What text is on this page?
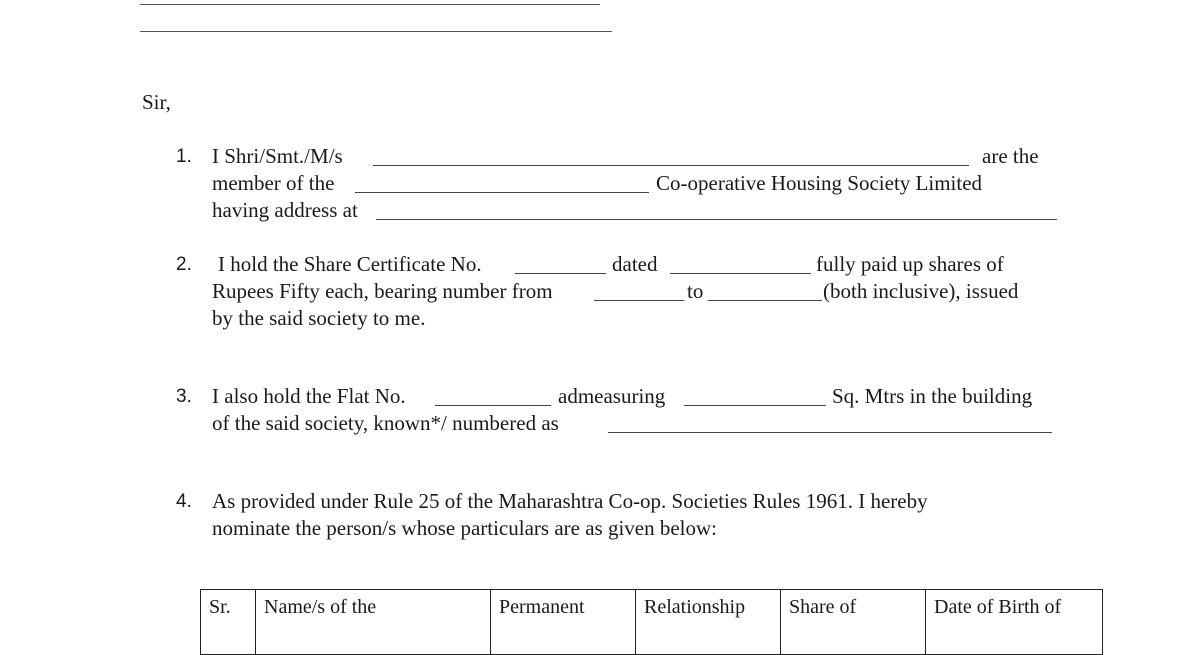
Sir,
1. I Shri/Smt./M/s	are the
member of the	Co-operative Housing Society Limited
having address at
2. I hold the Share Certificate No.	dated	fully paid up shares of
Rupees Fifty each, bearing number from	to	(both inclusive), issued
by the said society to me.
3. I also hold the Flat No.	admeasuring	Sq. Mtrs in the building
of the said society, known*/ numbered as
4. As provided under Rule 25 of the Maharashtra Co-op. Societies Rules 1961. I hereby
nominate the person/s whose particulars are as given below:
Sr.	Name/s of the	Permanent	Relationship	Share of	Date of Birth of
